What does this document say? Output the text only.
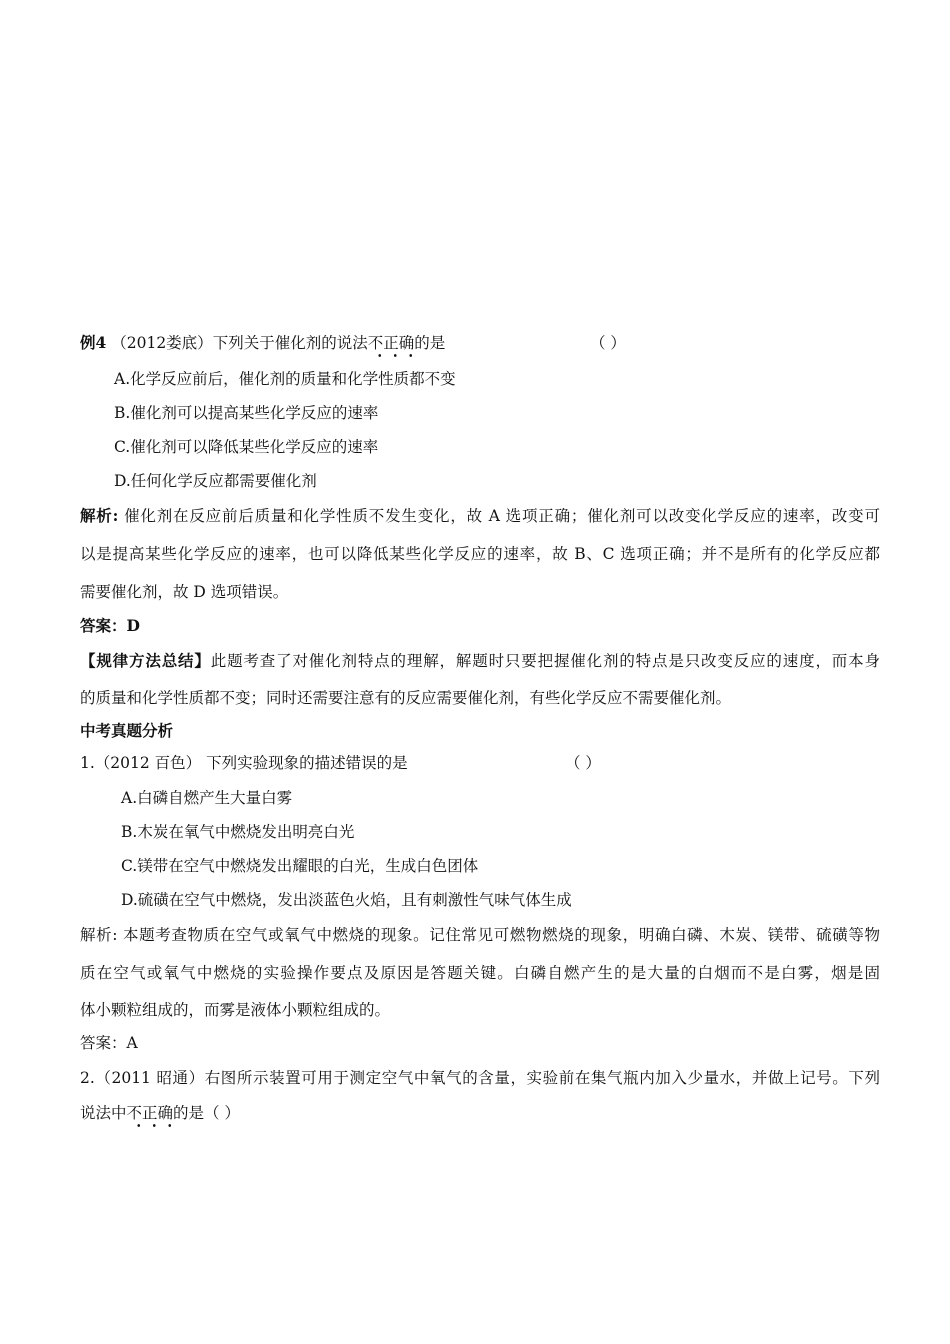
例4 （2012娄底）下列关于催化剂的说法不正确的是	（ ）
A.化学反应前后，催化剂的质量和化学性质都不变
B.催化剂可以提高某些化学反应的速率
C.催化剂可以降低某些化学反应的速率
D.任何化学反应都需要催化剂
解析: 催化剂在反应前后质量和化学性质不发生变化，故 A 选项正确；催化剂可以改变化学反应的速率，改变可
以是提高某些化学反应的速率，也可以降低某些化学反应的速率，故 B、C 选项正确；并不是所有的化学反应都
需要催化剂，故 D 选项错误。
答案：D
【规律方法总结】此题考查了对催化剂特点的理解，解题时只要把握催化剂的特点是只改变反应的速度，而本身
的质量和化学性质都不变；同时还需要注意有的反应需要催化剂，有些化学反应不需要催化剂。
中考真题分析
1.（2012 百色） 下列实验现象的描述错误的是	（ ）
A.白磷自燃产生大量白雾
B.木炭在氧气中燃烧发出明亮白光
C.镁带在空气中燃烧发出耀眼的白光，生成白色团体
D.硫磺在空气中燃烧，发出淡蓝色火焰，且有刺激性气味气体生成
解析: 本题考查物质在空气或氧气中燃烧的现象。记住常见可燃物燃烧的现象，明确白磷、木炭、镁带、硫磺等物
质在空气或氧气中燃烧的实验操作要点及原因是答题关键。白磷自燃产生的是大量的白烟而不是白雾，烟是固
体小颗粒组成的，而雾是液体小颗粒组成的。
答案：A
2.（2011 昭通）右图所示装置可用于测定空气中氧气的含量，实验前在集气瓶内加入少量水，并做上记号。下列
说法中不正确的是（ ）
